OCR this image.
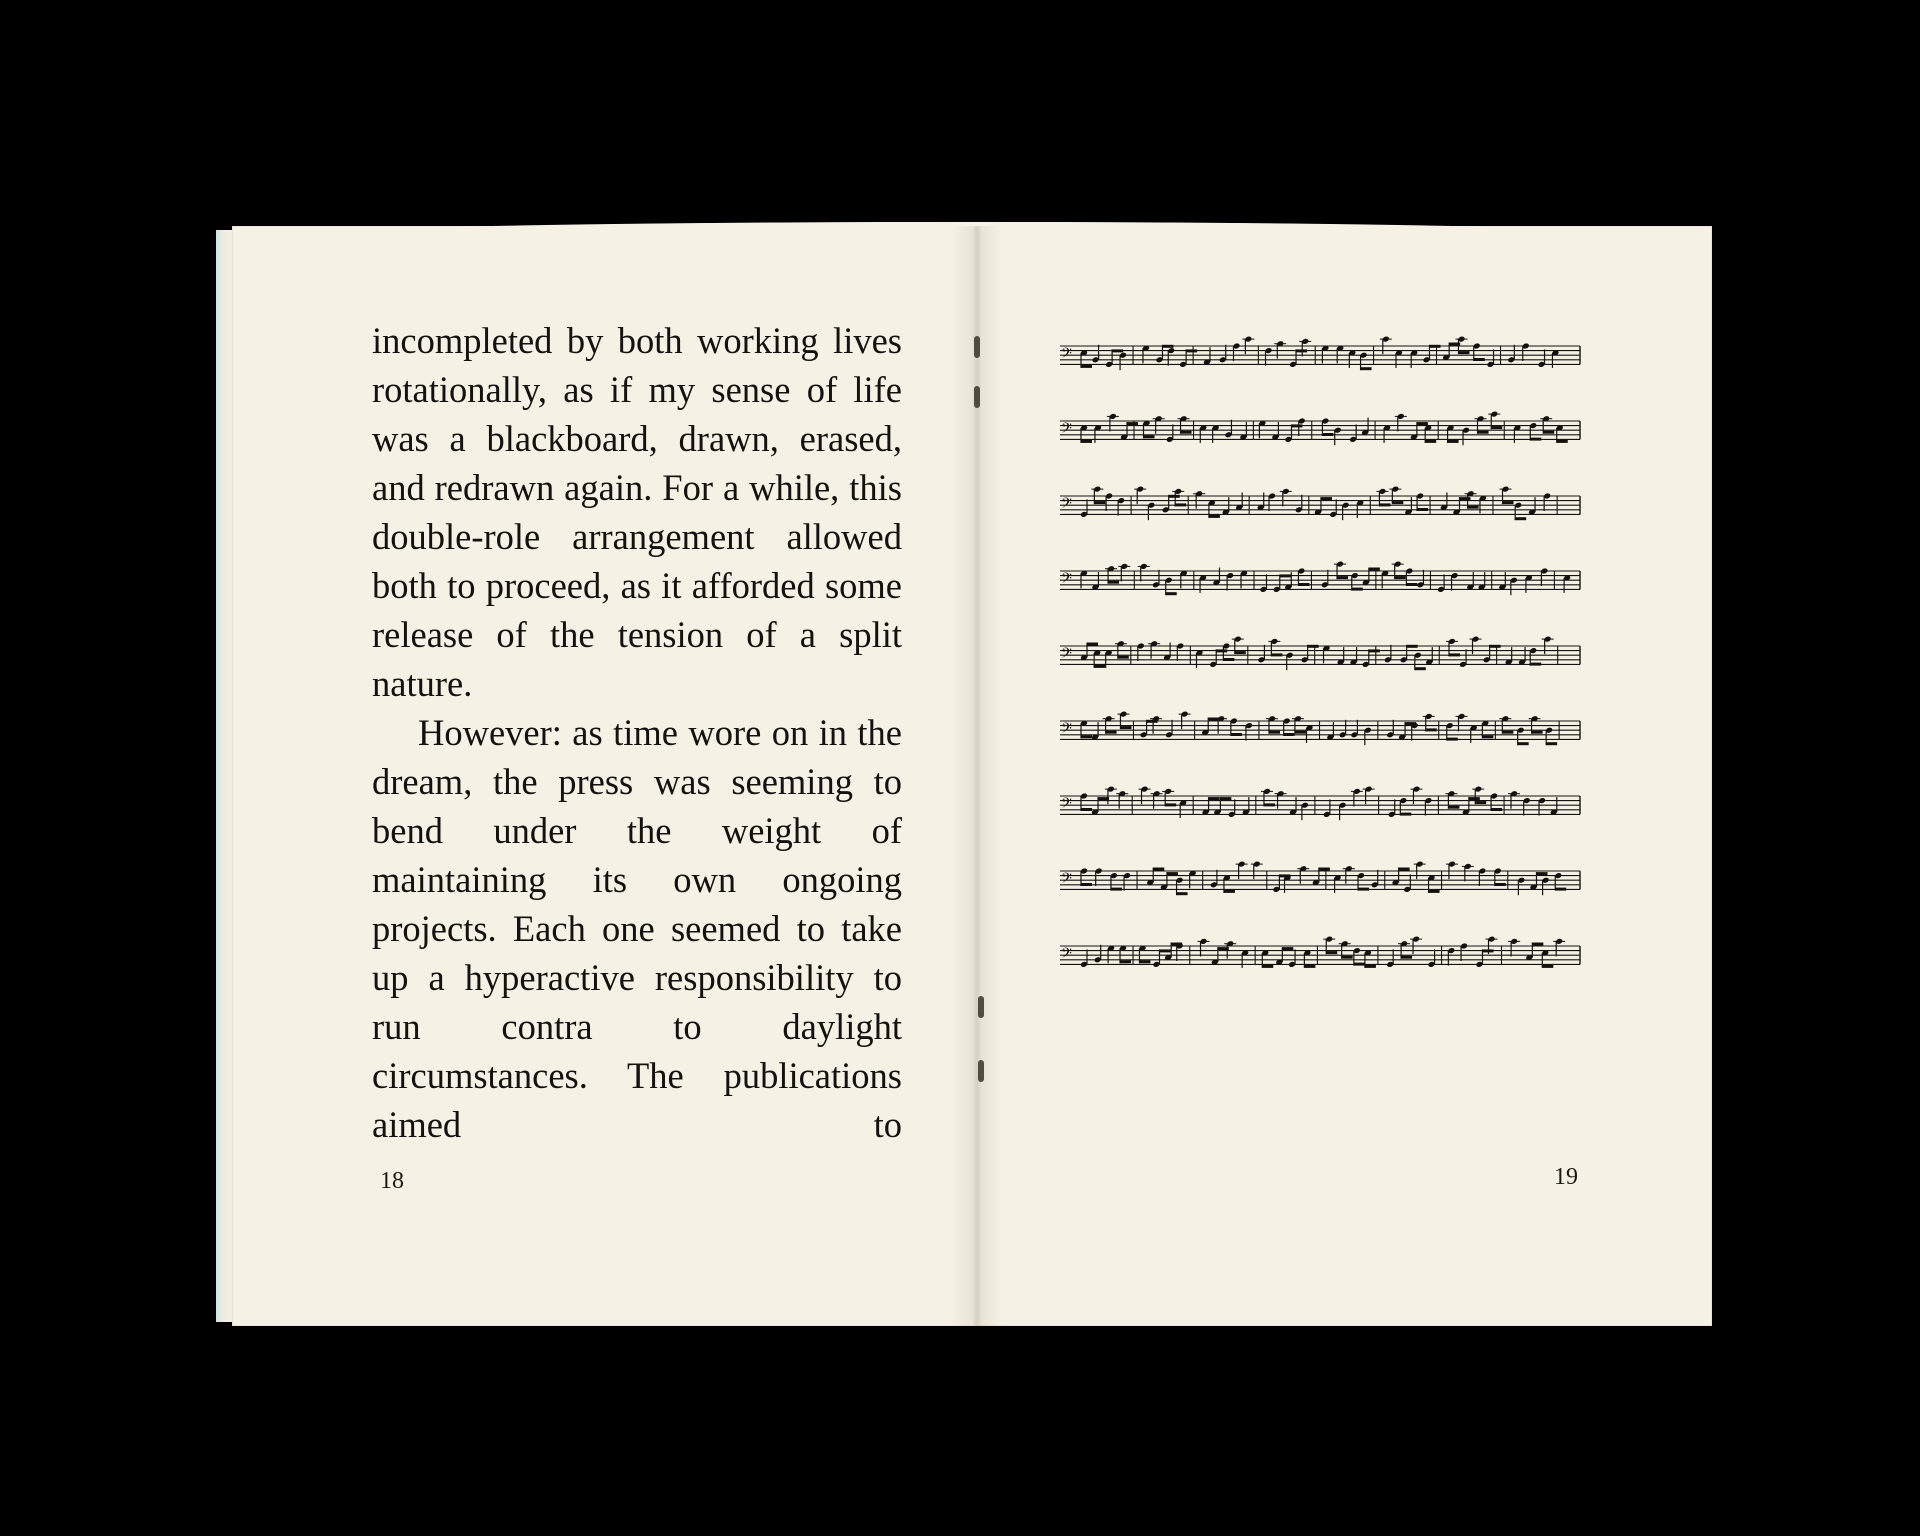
incompleted by both working lives rotationally, as if my sense of life was a blackboard, drawn, erased, and redrawn again. For a while, this double-role arrangement allowed both to proceed, as it afforded some release of the tension of a split nature.

However: as time wore on in the dream, the press was seeming to bend under the weight of maintaining its own ongoing projects. Each one seemed to take up a hyperactive responsibility to run contra to daylight circumstances. The publications aimed to

18
𝄢
𝄢
𝄢
𝄢
𝄢
𝄢
𝄢
𝄢
𝄢
19
